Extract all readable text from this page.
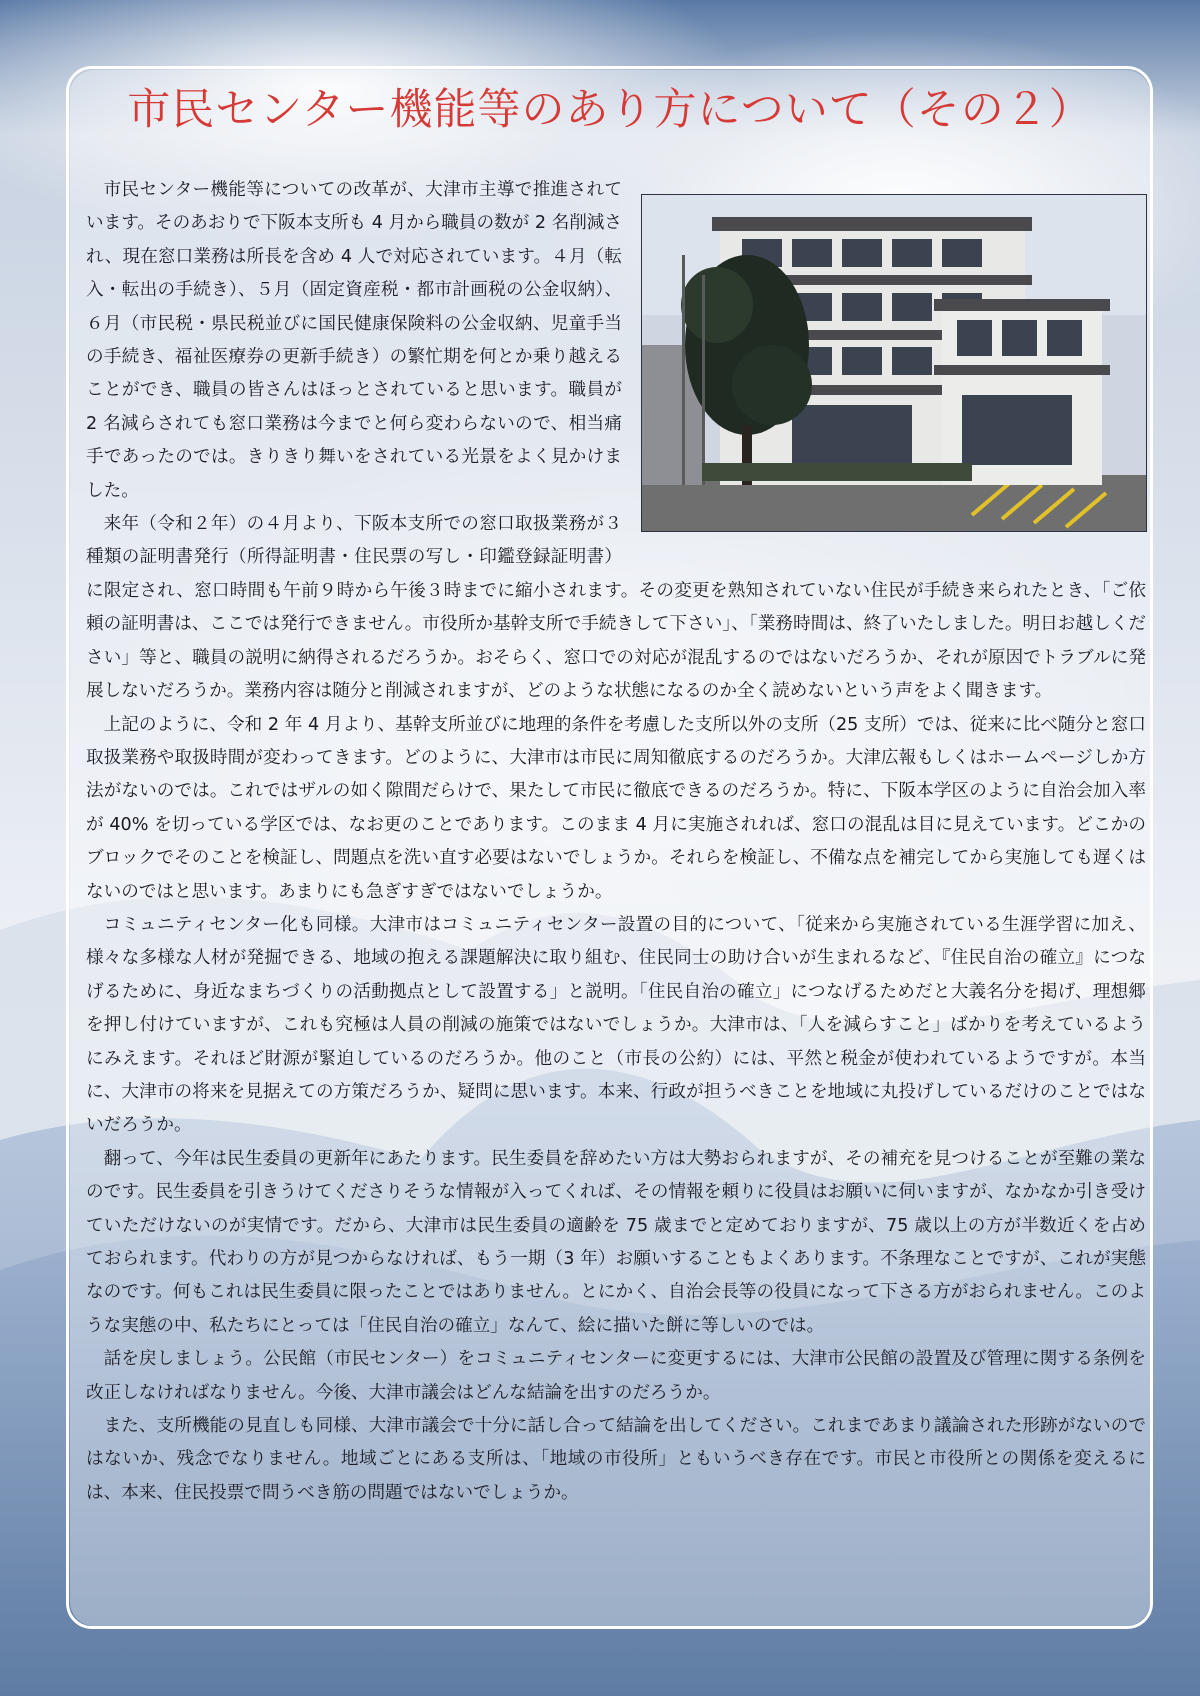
市民センター機能等のあり方について（その２）

市民センター機能等についての改革が、大津市主導で推進されています。そのあおりで下阪本支所も 4 月から職員の数が 2 名削減され、現在窓口業務は所長を含め 4 人で対応されています。４月（転入・転出の手続き）、５月（固定資産税・都市計画税の公金収納）、６月（市民税・県民税並びに国民健康保険料の公金収納、児童手当の手続き、福祉医療券の更新手続き）の繁忙期を何とか乗り越えることができ、職員の皆さんはほっとされていると思います。職員が 2 名減らされても窓口業務は今までと何ら変わらないので、相当痛手であったのでは。きりきり舞いをされている光景をよく見かけました。

来年（令和２年）の４月より、下阪本支所での窓口取扱業務が３種類の証明書発行（所得証明書・住民票の写し・印鑑登録証明書）に限定され、窓口時間も午前９時から午後３時までに縮小されます。その変更を熟知されていない住民が手続き来られたとき、「ご依頼の証明書は、ここでは発行できません。市役所か基幹支所で手続きして下さい」、「業務時間は、終了いたしました。明日お越しください」等と、職員の説明に納得されるだろうか。おそらく、窓口での対応が混乱するのではないだろうか、それが原因でトラブルに発展しないだろうか。業務内容は随分と削減されますが、どのような状態になるのか全く読めないという声をよく聞きます。

上記のように、令和 2 年 4 月より、基幹支所並びに地理的条件を考慮した支所以外の支所（25 支所）では、従来に比べ随分と窓口取扱業務や取扱時間が変わってきます。どのように、大津市は市民に周知徹底するのだろうか。大津広報もしくはホームページしか方法がないのでは。これではザルの如く隙間だらけで、果たして市民に徹底できるのだろうか。特に、下阪本学区のように自治会加入率が 40% を切っている学区では、なお更のことであります。このまま 4 月に実施されれば、窓口の混乱は目に見えています。どこかのブロックでそのことを検証し、問題点を洗い直す必要はないでしょうか。それらを検証し、不備な点を補完してから実施しても遅くはないのではと思います。あまりにも急ぎすぎではないでしょうか。

コミュニティセンター化も同様。大津市はコミュニティセンター設置の目的について、「従来から実施されている生涯学習に加え、様々な多様な人材が発掘できる、地域の抱える課題解決に取り組む、住民同士の助け合いが生まれるなど、『住民自治の確立』につなげるために、身近なまちづくりの活動拠点として設置する」と説明。「住民自治の確立」につなげるためだと大義名分を掲げ、理想郷を押し付けていますが、これも究極は人員の削減の施策ではないでしょうか。大津市は、「人を減らすこと」ばかりを考えているようにみえます。それほど財源が緊迫しているのだろうか。他のこと（市長の公約）には、平然と税金が使われているようですが。本当に、大津市の将来を見据えての方策だろうか、疑問に思います。本来、行政が担うべきことを地域に丸投げしているだけのことではないだろうか。

翻って、今年は民生委員の更新年にあたります。民生委員を辞めたい方は大勢おられますが、その補充を見つけることが至難の業なのです。民生委員を引きうけてくださりそうな情報が入ってくれば、その情報を頼りに役員はお願いに伺いますが、なかなか引き受けていただけないのが実情です。だから、大津市は民生委員の適齢を 75 歳までと定めておりますが、75 歳以上の方が半数近くを占めておられます。代わりの方が見つからなければ、もう一期（3 年）お願いすることもよくあります。不条理なことですが、これが実態なのです。何もこれは民生委員に限ったことではありません。とにかく、自治会長等の役員になって下さる方がおられません。このような実態の中、私たちにとっては「住民自治の確立」なんて、絵に描いた餅に等しいのでは。

話を戻しましょう。公民館（市民センター）をコミュニティセンターに変更するには、大津市公民館の設置及び管理に関する条例を改正しなければなりません。今後、大津市議会はどんな結論を出すのだろうか。

また、支所機能の見直しも同様、大津市議会で十分に話し合って結論を出してください。これまであまり議論された形跡がないのではないか、残念でなりません。地域ごとにある支所は、「地域の市役所」ともいうべき存在です。市民と市役所との関係を変えるには、本来、住民投票で問うべき筋の問題ではないでしょうか。
